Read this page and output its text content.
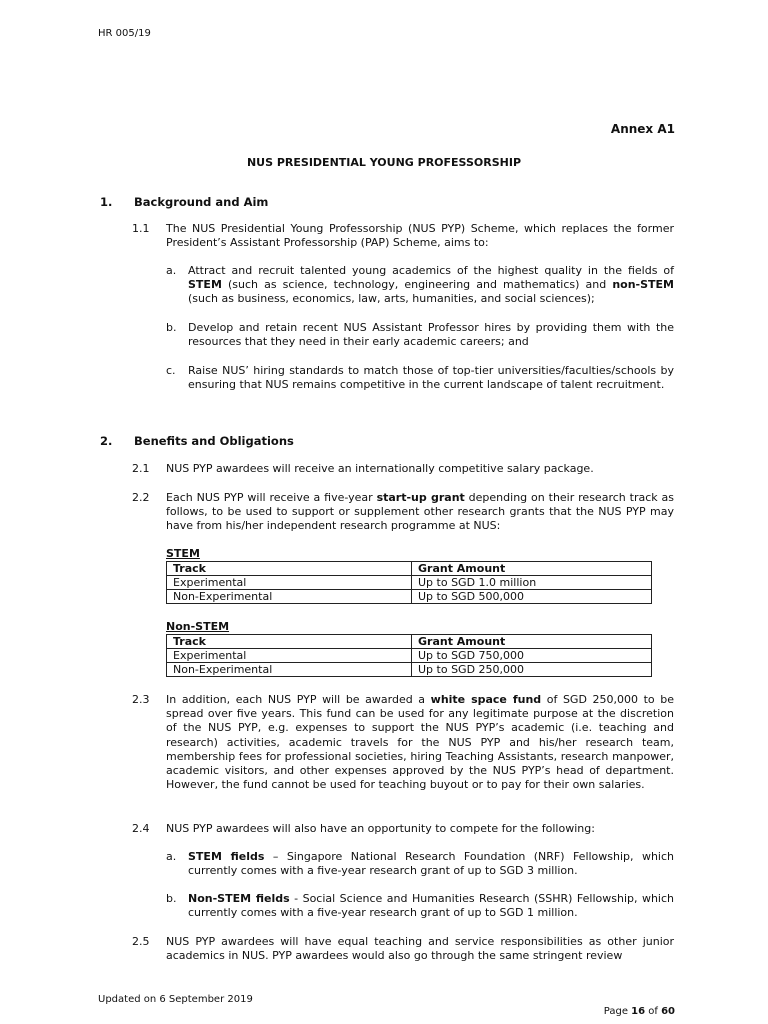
HR 005/19
Annex A1
NUS PRESIDENTIAL YOUNG PROFESSORSHIP
1. Background and Aim
1.1 The NUS Presidential Young Professorship (NUS PYP) Scheme, which replaces the former President’s Assistant Professorship (PAP) Scheme, aims to:
a. Attract and recruit talented young academics of the highest quality in the fields of STEM (such as science, technology, engineering and mathematics) and non-STEM (such as business, economics, law, arts, humanities, and social sciences);
b. Develop and retain recent NUS Assistant Professor hires by providing them with the resources that they need in their early academic careers; and
c. Raise NUS’ hiring standards to match those of top-tier universities/faculties/schools by ensuring that NUS remains competitive in the current landscape of talent recruitment.
2. Benefits and Obligations
2.1 NUS PYP awardees will receive an internationally competitive salary package.
2.2 Each NUS PYP will receive a five-year start-up grant depending on their research track as follows, to be used to support or supplement other research grants that the NUS PYP may have from his/her independent research programme at NUS:
STEM
Track	Grant Amount
Experimental	Up to SGD 1.0 million
Non-Experimental	Up to SGD 500,000
Non-STEM
Track	Grant Amount
Experimental	Up to SGD 750,000
Non-Experimental	Up to SGD 250,000
2.3 In addition, each NUS PYP will be awarded a white space fund of SGD 250,000 to be spread over five years. This fund can be used for any legitimate purpose at the discretion of the NUS PYP, e.g. expenses to support the NUS PYP’s academic (i.e. teaching and research) activities, academic travels for the NUS PYP and his/her research team, membership fees for professional societies, hiring Teaching Assistants, research manpower, academic visitors, and other expenses approved by the NUS PYP’s head of department. However, the fund cannot be used for teaching buyout or to pay for their own salaries.
2.4 NUS PYP awardees will also have an opportunity to compete for the following:
a. STEM fields – Singapore National Research Foundation (NRF) Fellowship, which currently comes with a five-year research grant of up to SGD 3 million.
b. Non-STEM fields - Social Science and Humanities Research (SSHR) Fellowship, which currently comes with a five-year research grant of up to SGD 1 million.
2.5 NUS PYP awardees will have equal teaching and service responsibilities as other junior academics in NUS. PYP awardees would also go through the same stringent review
Updated on 6 September 2019
Page 16 of 60
